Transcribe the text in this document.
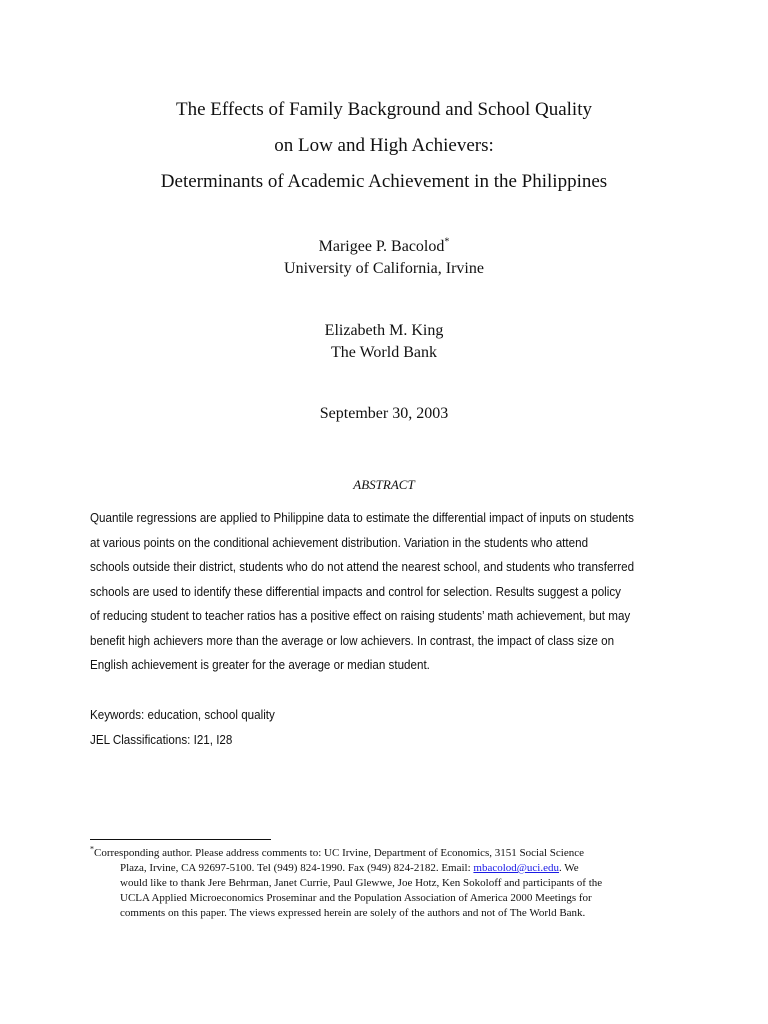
The Effects of Family Background and School Quality

on Low and High Achievers:

Determinants of Academic Achievement in the Philippines

Marigee P. Bacolod*
University of California, Irvine
Elizabeth M. King
The World Bank
September 30, 2003
ABSTRACT
Quantile regressions are applied to Philippine data to estimate the differential impact of inputs on students
at various points on the conditional achievement distribution. Variation in the students who attend
schools outside their district, students who do not attend the nearest school, and students who transferred
schools are used to identify these differential impacts and control for selection. Results suggest a policy
of reducing student to teacher ratios has a positive effect on raising students’ math achievement, but may
benefit high achievers more than the average or low achievers. In contrast, the impact of class size on
English achievement is greater for the average or median student.
Keywords: education, school quality
JEL Classifications: I21, I28
*Corresponding author. Please address comments to: UC Irvine, Department of Economics, 3151 Social Science
Plaza, Irvine, CA 92697-5100. Tel (949) 824-1990. Fax (949) 824-2182. Email: mbacolod@uci.edu. We
would like to thank Jere Behrman, Janet Currie, Paul Glewwe, Joe Hotz, Ken Sokoloff and participants of the
UCLA Applied Microeconomics Proseminar and the Population Association of America 2000 Meetings for
comments on this paper. The views expressed herein are solely of the authors and not of The World Bank.
